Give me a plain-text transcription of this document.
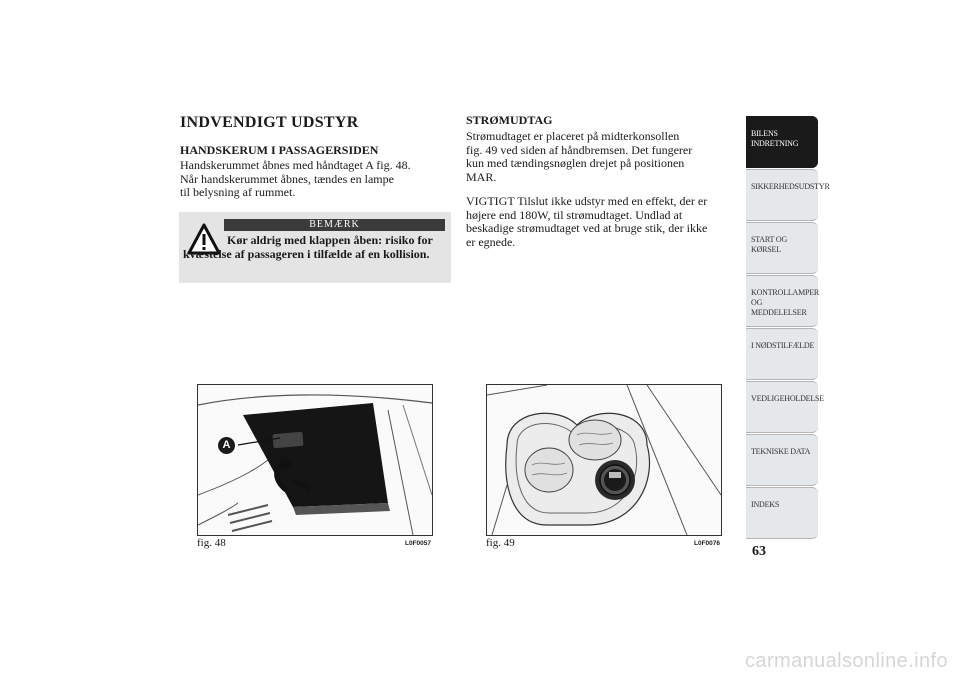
INDVENDIGT UDSTYR
HANDSKERUM I PASSAGERSIDEN
Handskerummet åbnes med håndtaget A fig. 48.
Når handskerummet åbnes, tændes en lampe
til belysning af rummet.
BEMÆRK
Kør aldrig med klappen åben: risiko for kvæstelse af passageren i tilfælde af en kollision.
STRØMUDTAG
Strømudtaget er placeret på midterkonsollen
fig. 49 ved siden af håndbremsen. Det fungerer
kun med tændingsnøglen drejet på positionen
MAR.
VIGTIGT Tilslut ikke udstyr med en effekt, der er
højere end 180W, til strømudtaget. Undlad at
beskadige strømudtaget ved at bruge stik, der ikke
er egnede.
A
fig. 48	L0F0057	fig. 49	L0F0076
BILENS
INDRETNING
SIKKERHEDSUDSTYR
START OG KØRSEL
KONTROLLAMPER
OG MEDDELELSER
I NØDSTILFÆLDE
VEDLIGEHOLDELSE
TEKNISKE DATA
INDEKS
63
carmanualsonline.info
